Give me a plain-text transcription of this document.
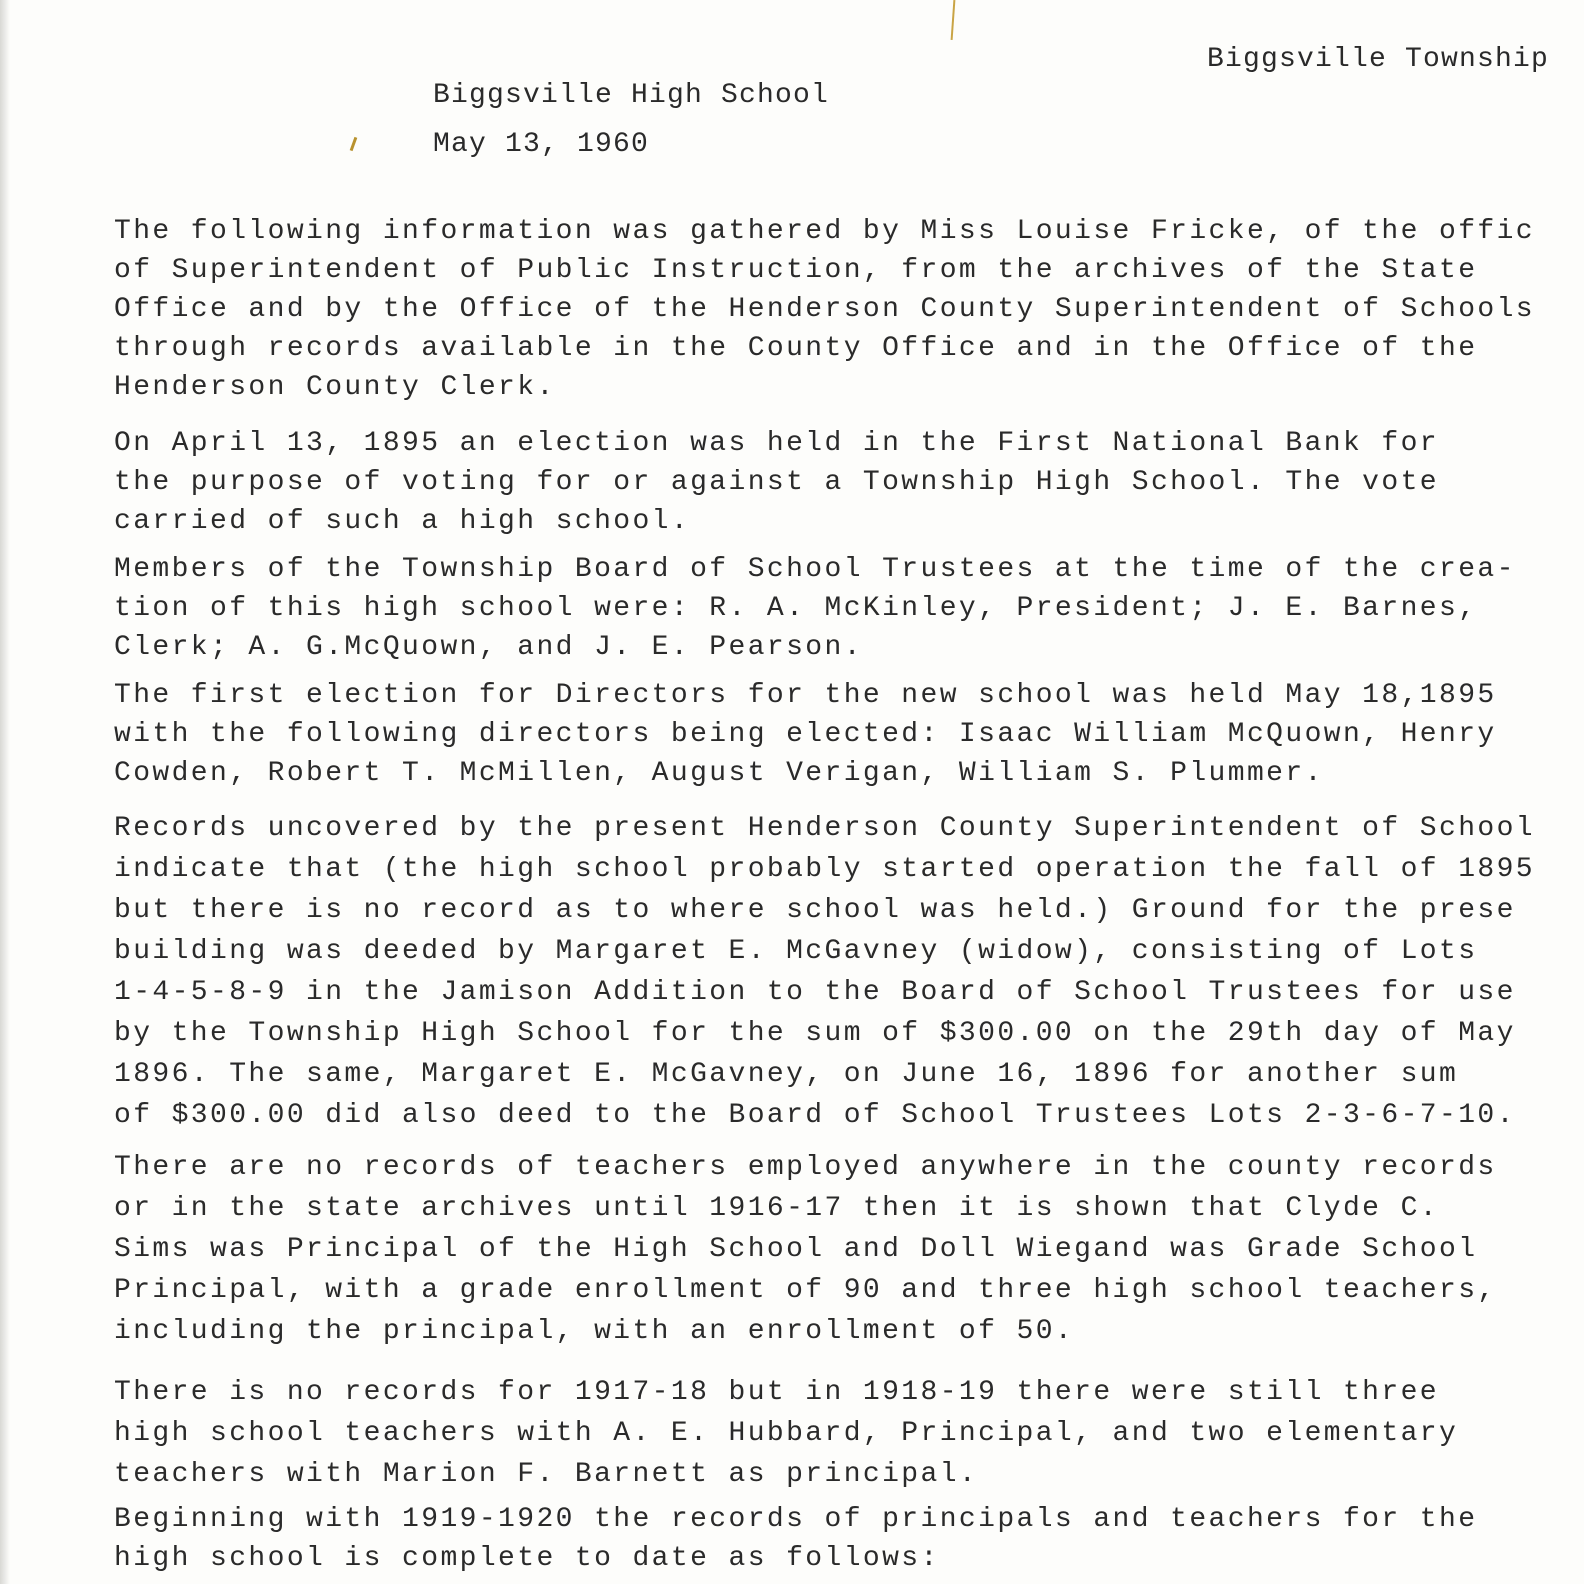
Biggsville Township
Biggsville High School
May 13, 1960
The following information was gathered by Miss Louise Fricke, of the offic
of Superintendent of Public Instruction, from the archives of the State
Office and by the Office of the Henderson County Superintendent of Schools
through records available in the County Office and in the Office of the
Henderson County Clerk.
On April 13, 1895 an election was held in the First National Bank for
the purpose of voting for or against a Township High School. The vote
carried of such a high school.
Members of the Township Board of School Trustees at the time of the crea-
tion of this high school were: R. A. McKinley, President; J. E. Barnes,
Clerk; A. G.McQuown, and J. E. Pearson.
The first election for Directors for the new school was held May 18,1895
with the following directors being elected: Isaac William McQuown, Henry
Cowden, Robert T. McMillen, August Verigan, William S. Plummer.
Records uncovered by the present Henderson County Superintendent of School
indicate that (the high school probably started operation the fall of 1895
but there is no record as to where school was held.) Ground for the prese
building was deeded by Margaret E. McGavney (widow), consisting of Lots
1-4-5-8-9 in the Jamison Addition to the Board of School Trustees for use
by the Township High School for the sum of $300.00 on the 29th day of May
1896. The same, Margaret E. McGavney, on June 16, 1896 for another sum
of $300.00 did also deed to the Board of School Trustees Lots 2-3-6-7-10.
There are no records of teachers employed anywhere in the county records
or in the state archives until 1916-17 then it is shown that Clyde C.
Sims was Principal of the High School and Doll Wiegand was Grade School
Principal, with a grade enrollment of 90 and three high school teachers,
including the principal, with an enrollment of 50.
There is no records for 1917-18 but in 1918-19 there were still three
high school teachers with A. E. Hubbard, Principal, and two elementary
teachers with Marion F. Barnett as principal.
Beginning with 1919-1920 the records of principals and teachers for the
high school is complete to date as follows:
